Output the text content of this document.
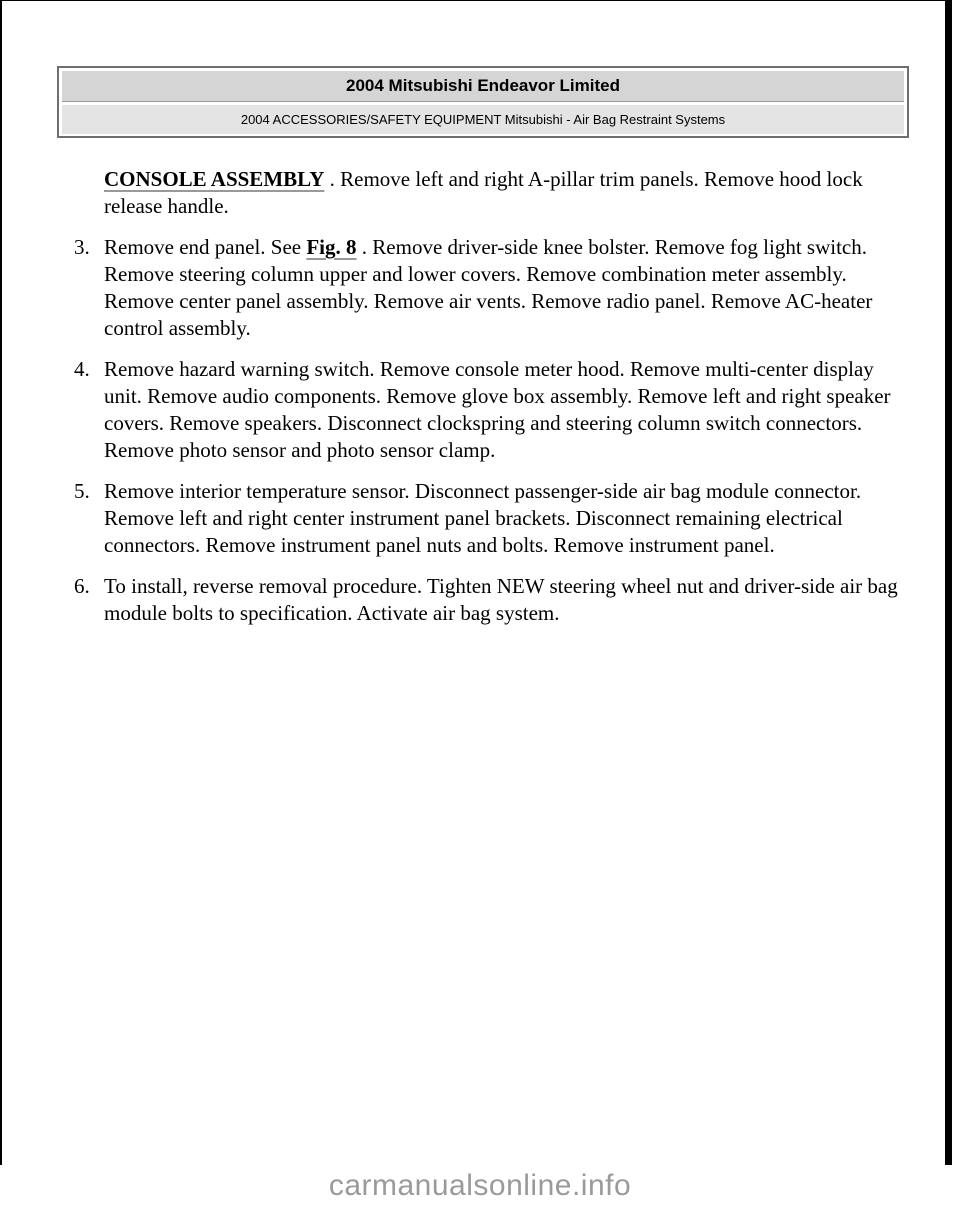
2004 Mitsubishi Endeavor Limited
2004 ACCESSORIES/SAFETY EQUIPMENT Mitsubishi - Air Bag Restraint Systems

CONSOLE ASSEMBLY . Remove left and right A-pillar trim panels. Remove hood lock release handle.

3. Remove end panel. See Fig. 8 . Remove driver-side knee bolster. Remove fog light switch. Remove steering column upper and lower covers. Remove combination meter assembly. Remove center panel assembly. Remove air vents. Remove radio panel. Remove AC-heater control assembly.
4. Remove hazard warning switch. Remove console meter hood. Remove multi-center display unit. Remove audio components. Remove glove box assembly. Remove left and right speaker covers. Remove speakers. Disconnect clockspring and steering column switch connectors. Remove photo sensor and photo sensor clamp.
5. Remove interior temperature sensor. Disconnect passenger-side air bag module connector. Remove left and right center instrument panel brackets. Disconnect remaining electrical connectors. Remove instrument panel nuts and bolts. Remove instrument panel.
6. To install, reverse removal procedure. Tighten NEW steering wheel nut and driver-side air bag module bolts to specification. Activate air bag system.
carmanualsonline.info
